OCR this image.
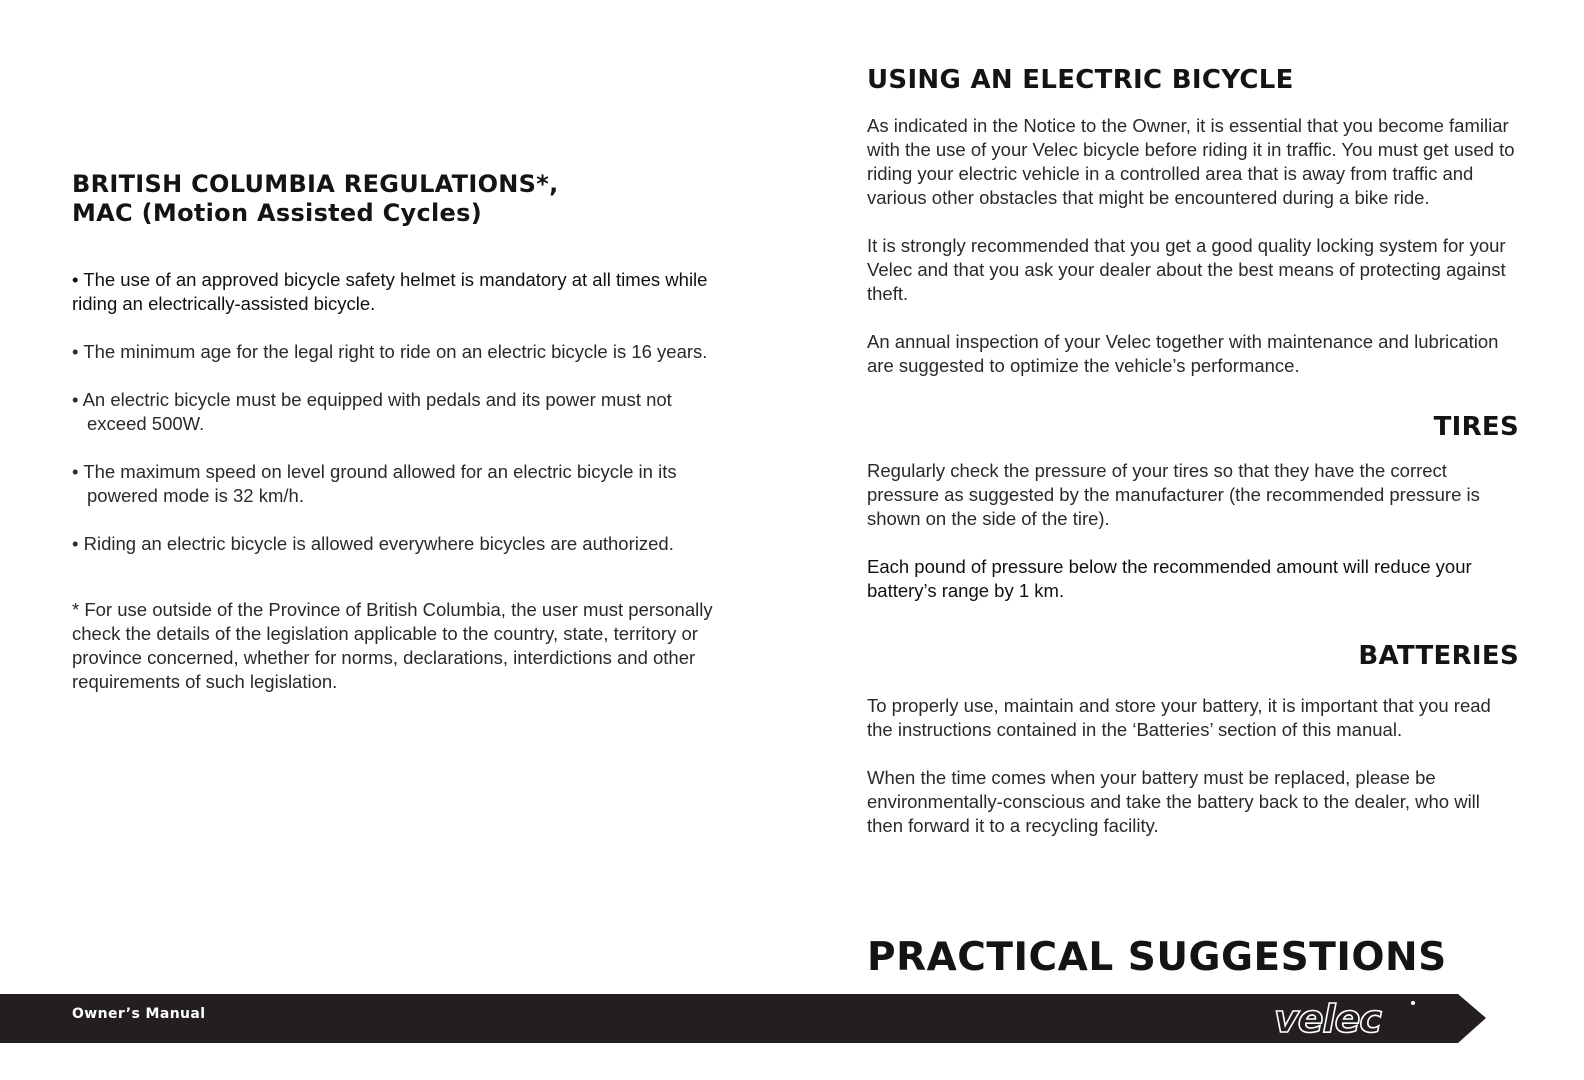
BRITISH COLUMBIA REGULATIONS*,
MAC (Motion Assisted Cycles)

• The use of an approved bicycle safety helmet is mandatory at all times while riding an electrically-assisted bicycle.

• The minimum age for the legal right to ride on an electric bicycle is 16 years.
• An electric bicycle must be equipped with pedals and its power must not exceed 500W.
• The maximum speed on level ground allowed for an electric bicycle in its powered mode is 32 km/h.
• Riding an electric bicycle is allowed everywhere bicycles are authorized.

* For use outside of the Province of British Columbia, the user must personally check the details of the legislation applicable to the country, state, territory or province concerned, whether for norms, declarations, interdictions and other requirements of such legislation.

USING AN ELECTRIC BICYCLE

As indicated in the Notice to the Owner, it is essential that you become familiar with the use of your Velec bicycle before riding it in traffic. You must get used to riding your electric vehicle in a controlled area that is away from traffic and various other obstacles that might be encountered during a bike ride.

It is strongly recommended that you get a good quality locking system for your Velec and that you ask your dealer about the best means of protecting against theft.

An annual inspection of your Velec together with maintenance and lubrication are suggested to optimize the vehicle’s performance.

TIRES

Regularly check the pressure of your tires so that they have the correct pressure as suggested by the manufacturer (the recommended pressure is shown on the side of the tire).

Each pound of pressure below the recommended amount will reduce your battery’s range by 1 km.

BATTERIES

To properly use, maintain and store your battery, it is important that you read the instructions contained in the ‘Batteries’ section of this manual.

When the time comes when your battery must be replaced, please be environmentally-conscious and take the battery back to the dealer, who will then forward it to a recycling facility.

PRACTICAL SUGGESTIONS
Owner’s Manual	velec
